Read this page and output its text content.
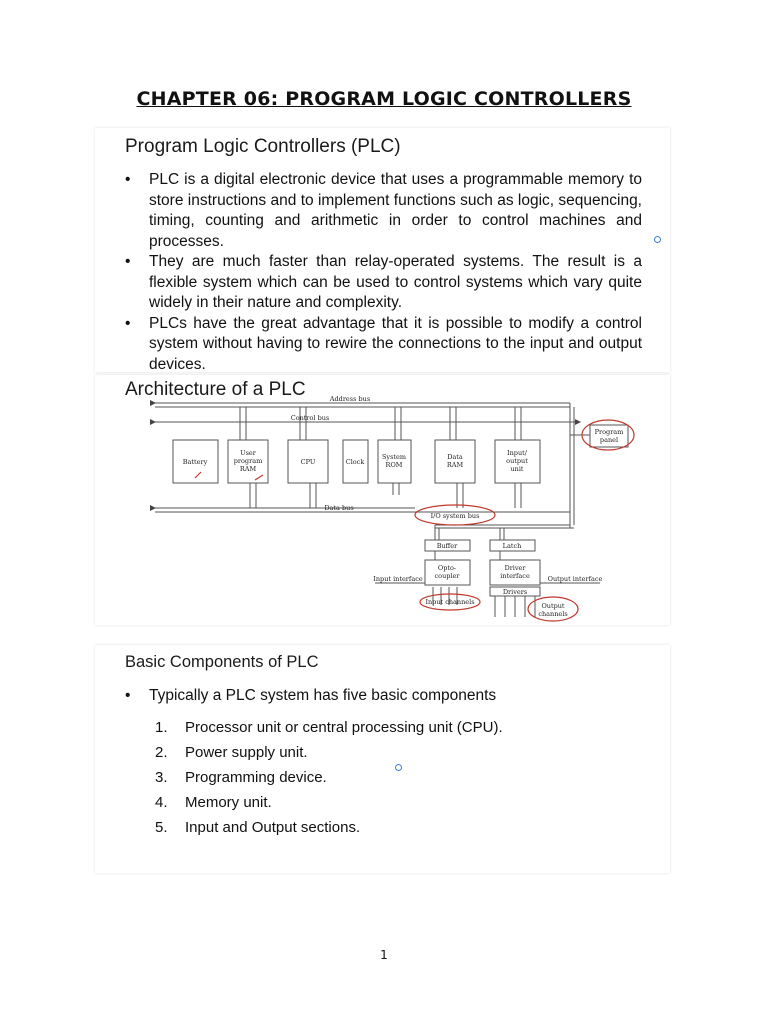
CHAPTER 06: PROGRAM LOGIC CONTROLLERS
Program Logic Controllers (PLC)
• PLC is a digital electronic device that uses a programmable memory to store instructions and to implement functions such as logic, sequencing, timing, counting and arithmetic in order to control machines and processes.
• They are much faster than relay-operated systems. The result is a flexible system which can be used to control systems which vary quite widely in their nature and complexity.
• PLCs have the great advantage that it is possible to modify a control system without having to rewire the connections to the input and output devices.
Architecture of a PLC	Address bus
Control bus
Data bus
Battery
User
program
RAM
CPU	Clock
System
ROM
Data
RAM
Input/
output
unit
Program
panel
I/O system bus
Buffer	Latch
Opto-
coupler
Driver
interface
Drivers
Input interface	Output interface
Input channels	Output
channels
Basic Components of PLC
• Typically a PLC system has five basic components
1.	Processor unit or central processing unit (CPU).
2.	Power supply unit.
3.	Programming device.
4.	Memory unit.
5.	Input and Output sections.
1
